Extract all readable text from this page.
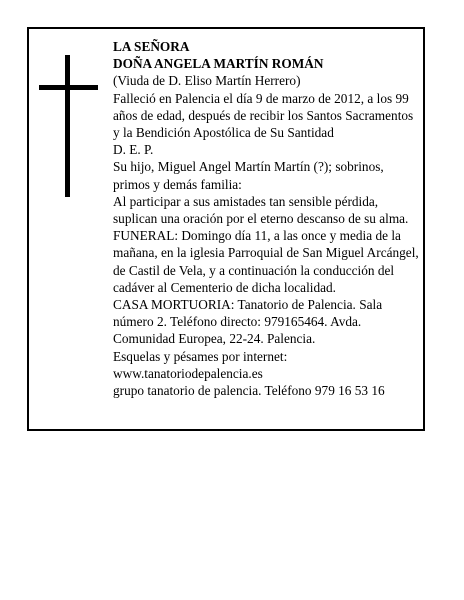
LA SEÑORA
DOÑA ANGELA MARTÍN ROMÁN
(Viuda de D. Eliso Martín Herrero)
Falleció en Palencia el día 9 de marzo de 2012, a los 99 años de edad, después de recibir los Santos Sacramentos y la Bendición Apostólica de Su Santidad
D. E. P.
Su hijo, Miguel Angel Martín Martín (?); sobrinos, primos y demás familia:
Al participar a sus amistades tan sensible pérdida, suplican una oración por el eterno descanso de su alma.
FUNERAL: Domingo día 11, a las once y media de la mañana, en la iglesia Parroquial de San Miguel Arcángel, de Castil de Vela, y a continuación la conducción del cadáver al Cementerio de dicha localidad.
CASA MORTUORIA: Tanatorio de Palencia. Sala número 2. Teléfono directo: 979165464. Avda. Comunidad Europea, 22-24. Palencia.
Esquelas y pésames por internet:
www.tanatoriodepalencia.es
grupo tanatorio de palencia. Teléfono 979 16 53 16
